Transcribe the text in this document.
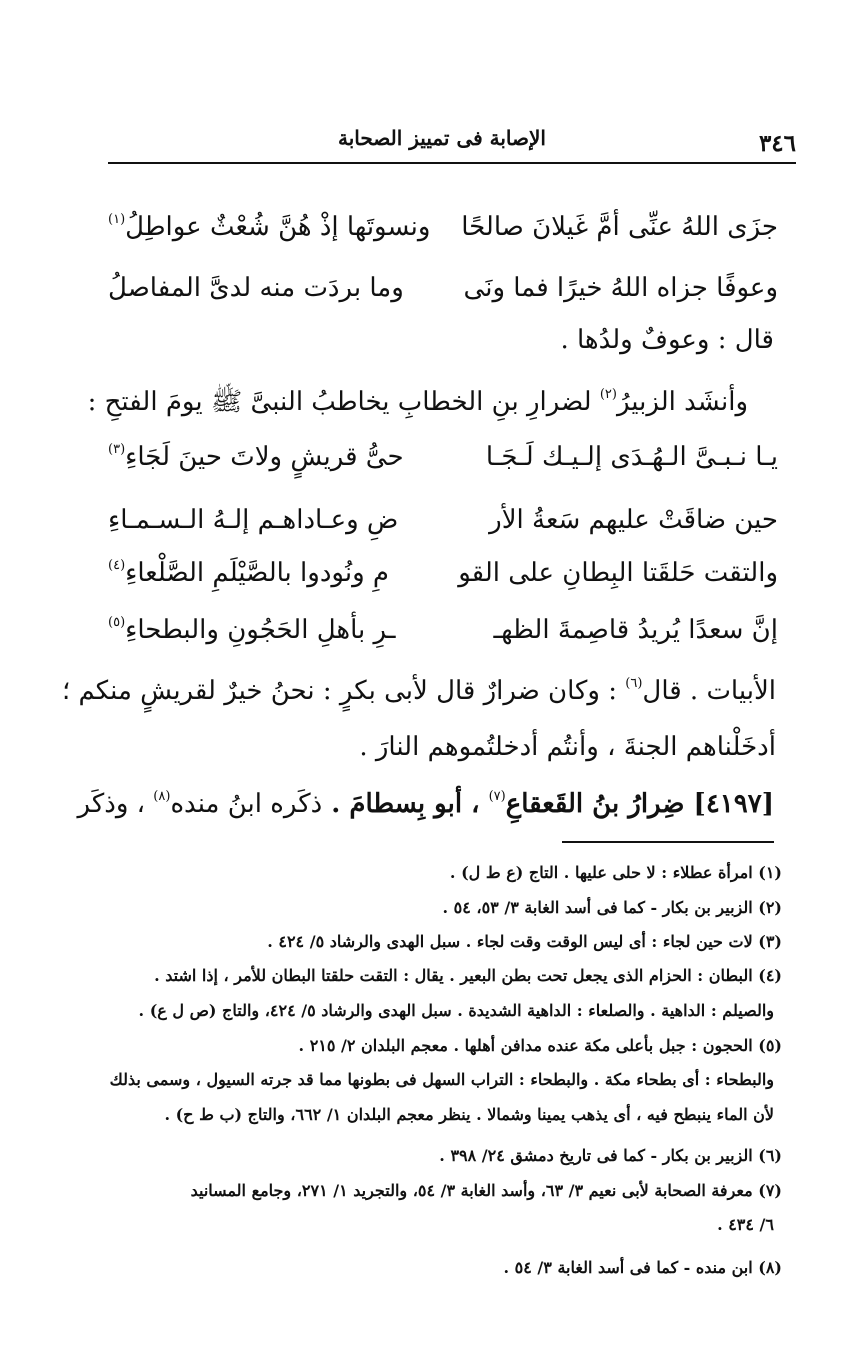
٣٤٦
الإصابة فى تمييز الصحابة
جزَى اللهُ عنِّى أمَّ غَيلانَ صالحًا
ونسوتَها إذْ هُنَّ شُعْثٌ عواطِلُ$^{(١)}$
وعوفًا جزاه اللهُ خيرًا فما ونَى
وما بردَت منه لدىَّ المفاصلُ
قال : وعوفٌ ولدُها .
وأنشَد الزبيرُ$^{(٢)}$ لضرارِ بنِ الخطابِ يخاطبُ النبىَّ ﷺ يومَ الفتحِ :
يـا نـبـىَّ الـهُـدَى إلـيـك لَـجَـا
حىُّ قريشٍ ولاتَ حينَ لَجَاءِ$^{(٣)}$
حين ضاقَتْ عليهم سَعةُ الأر
ضِ وعـاداهـم إلـهُ الـسـمـاءِ
والتقت حَلقَتا البِطانِ على القو
مِ ونُودوا بالصَّيْلَمِ الصَّلْعاءِ$^{(٤)}$
إنَّ سعدًا يُريدُ قاصِمةَ الظهـ
ـرِ بأهلِ الحَجُونِ والبطحاءِ$^{(٥)}$
الأبيات . قال$^{(٦)}$ : وكان ضرارٌ قال لأبى بكرٍ : نحنُ خيرٌ لقريشٍ منكم ؛
أدخَلْناهم الجنةَ ، وأنتُم أدخلتُموهم النارَ .
[٤١٩٧] ضِرارُ بنُ القَعقاعِ$^{(٧)}$ ، أبو بِسطامَ . ذكَره ابنُ منده$^{(٨)}$ ، وذكَر
(١) امرأة عطلاء : لا حلى عليها . التاج (ع ط ل) .
(٢) الزبير بن بكار - كما فى أسد الغابة ٣/ ٥٣، ٥٤ .
(٣) لات حين لجاء : أى ليس الوقت وقت لجاء . سبل الهدى والرشاد ٥/ ٤٢٤ .
(٤) البطان : الحزام الذى يجعل تحت بطن البعير . يقال : التقت حلقتا البطان للأمر ، إذا اشتد .
والصيلم : الداهية . والصلعاء : الداهية الشديدة . سبل الهدى والرشاد ٥/ ٤٢٤، والتاج (ص ل ع) .
(٥) الحجون : جبل بأعلى مكة عنده مدافن أهلها . معجم البلدان ٢/ ٢١٥ .
والبطحاء : أى بطحاء مكة . والبطحاء : التراب السهل فى بطونها مما قد جرته السيول ، وسمى بذلك
لأن الماء ينبطح فيه ، أى يذهب يمينا وشمالا . ينظر معجم البلدان ١/ ٦٦٢، والتاج (ب ط ح) .
(٦) الزبير بن بكار - كما فى تاريخ دمشق ٢٤/ ٣٩٨ .
(٧) معرفة الصحابة لأبى نعيم ٣/ ٦٣، وأسد الغابة ٣/ ٥٤، والتجريد ١/ ٢٧١، وجامع المسانيد
٦/ ٤٣٤ .
(٨) ابن منده - كما فى أسد الغابة ٣/ ٥٤ .
